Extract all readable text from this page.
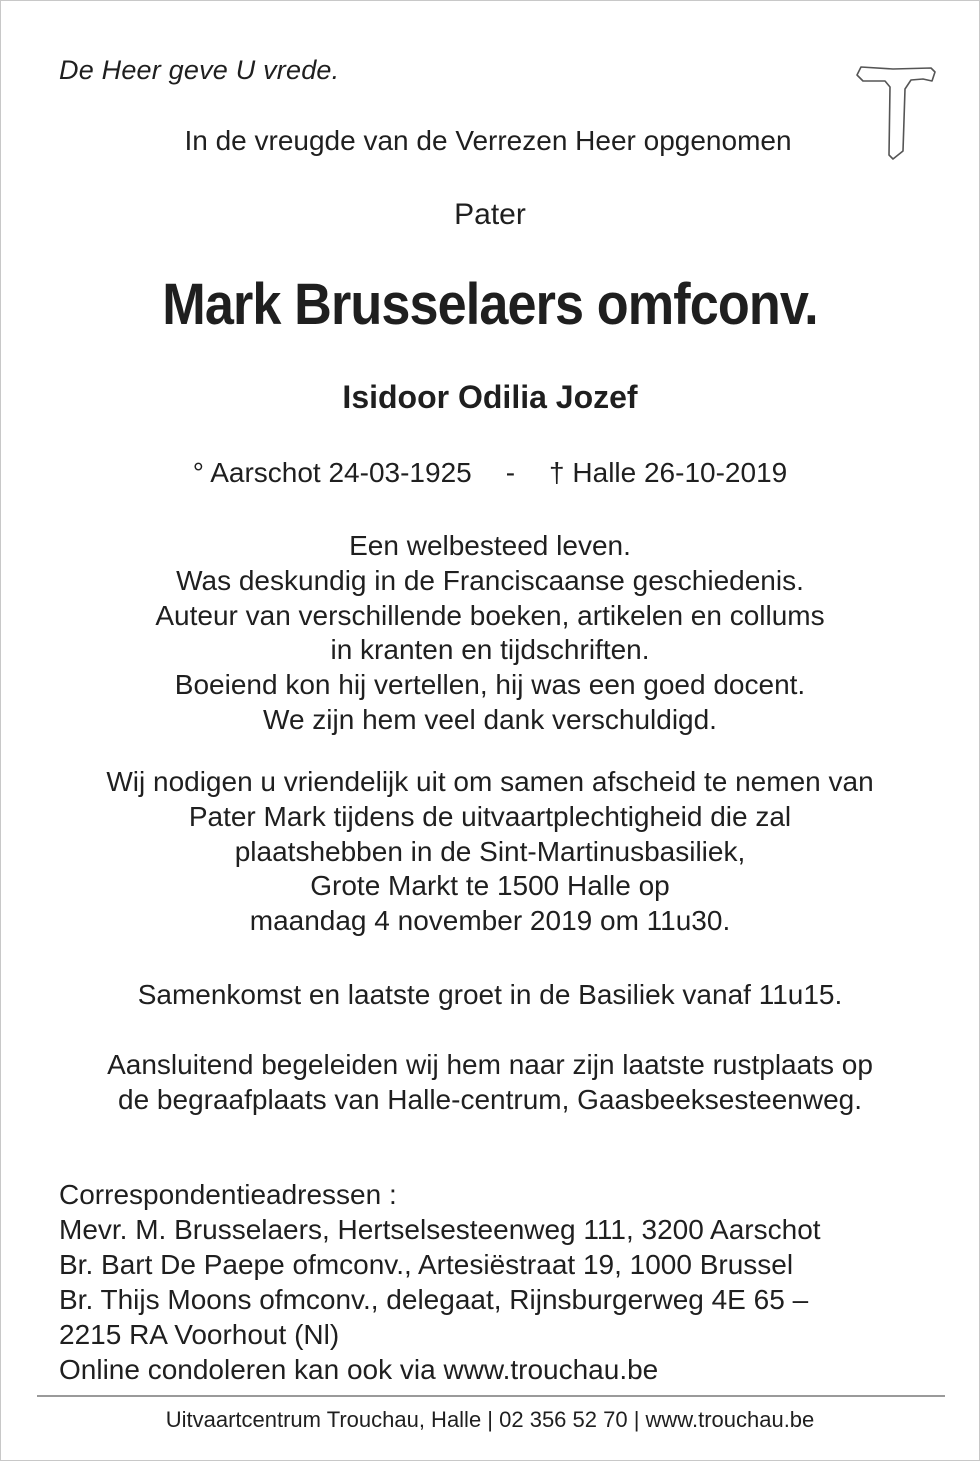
De Heer geve U vrede.
In de vreugde van de Verrezen Heer opgenomen
Pater
Mark Brusselaers omfconv.
Isidoor Odilia Jozef
° Aarschot 24-03-1925 - † Halle 26-10-2019
Een welbesteed leven.
Was deskundig in de Franciscaanse geschiedenis.
Auteur van verschillende boeken, artikelen en collums
in kranten en tijdschriften.
Boeiend kon hij vertellen, hij was een goed docent.
We zijn hem veel dank verschuldigd.
Wij nodigen u vriendelijk uit om samen afscheid te nemen van
Pater Mark tijdens de uitvaartplechtigheid die zal
plaatshebben in de Sint-Martinusbasiliek,
Grote Markt te 1500 Halle op
maandag 4 november 2019 om 11u30.
Samenkomst en laatste groet in de Basiliek vanaf 11u15.
Aansluitend begeleiden wij hem naar zijn laatste rustplaats op
de begraafplaats van Halle-centrum, Gaasbeeksesteenweg.
Correspondentieadressen :
Mevr. M. Brusselaers, Hertselsesteenweg 111, 3200 Aarschot
Br. Bart De Paepe ofmconv., Artesiëstraat 19, 1000 Brussel
Br. Thijs Moons ofmconv., delegaat, Rijnsburgerweg 4E 65 –
2215 RA Voorhout (Nl)
Online condoleren kan ook via www.trouchau.be
Uitvaartcentrum Trouchau, Halle | 02 356 52 70 | www.trouchau.be
